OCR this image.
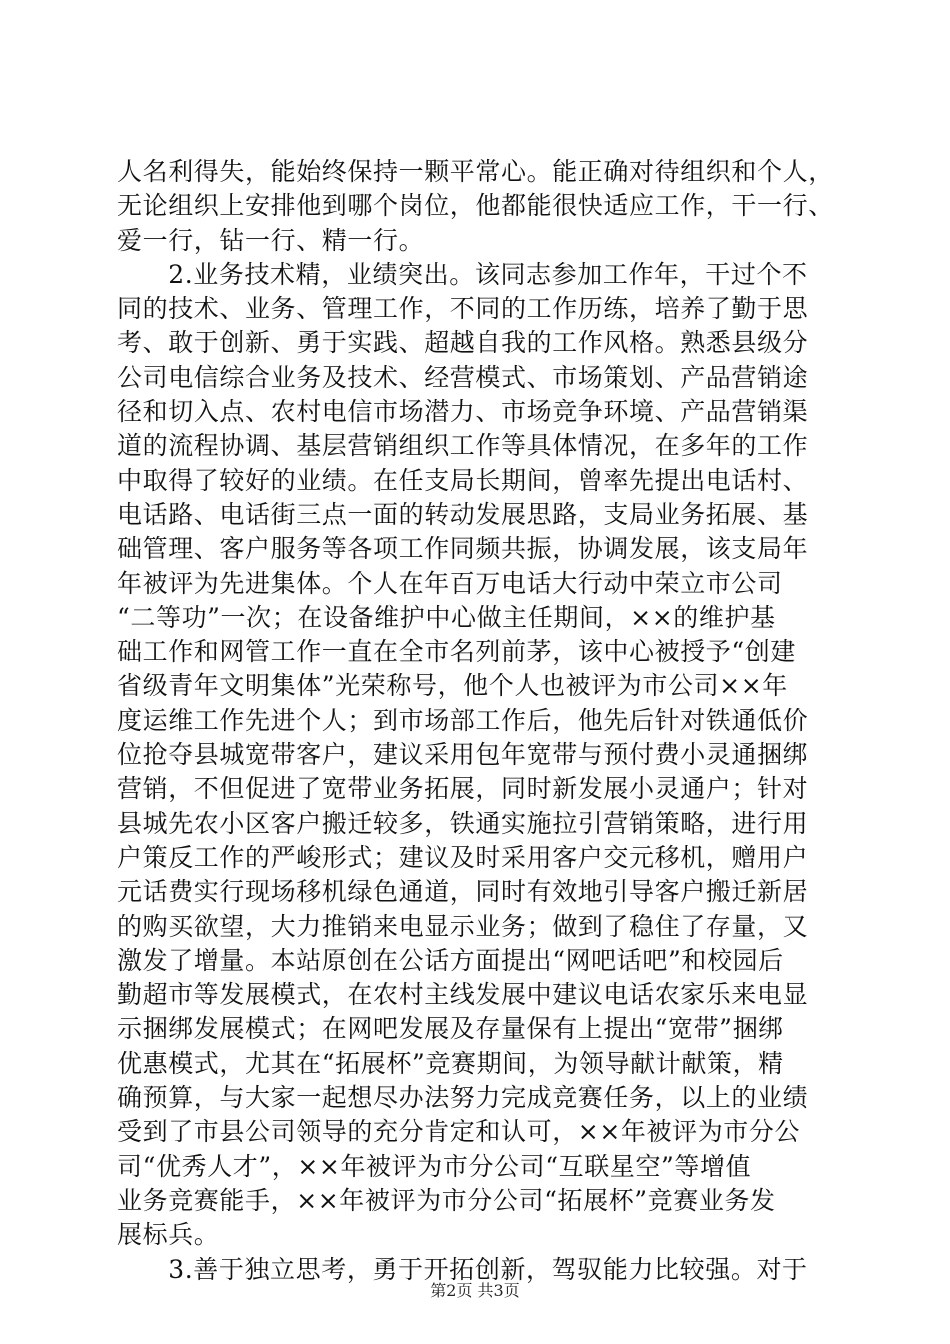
人名利得失，能始终保持一颗平常心。能正确对待组织和个人，
无论组织上安排他到哪个岗位，他都能很快适应工作，干一行、
爱一行，钻一行、精一行。
　　2.业务技术精，业绩突出。该同志参加工作年，干过个不
同的技术、业务、管理工作，不同的工作历练，培养了勤于思
考、敢于创新、勇于实践、超越自我的工作风格。熟悉县级分
公司电信综合业务及技术、经营模式、市场策划、产品营销途
径和切入点、农村电信市场潜力、市场竞争环境、产品营销渠
道的流程协调、基层营销组织工作等具体情况，在多年的工作
中取得了较好的业绩。在任支局长期间，曾率先提出电话村、
电话路、电话街三点一面的转动发展思路，支局业务拓展、基
础管理、客户服务等各项工作同频共振，协调发展，该支局年
年被评为先进集体。个人在年百万电话大行动中荣立市公司
“二等功”一次；在设备维护中心做主任期间，××的维护基
础工作和网管工作一直在全市名列前茅，该中心被授予“创建
省级青年文明集体”光荣称号，他个人也被评为市公司××年
度运维工作先进个人；到市场部工作后，他先后针对铁通低价
位抢夺县城宽带客户，建议采用包年宽带与预付费小灵通捆绑
营销，不但促进了宽带业务拓展，同时新发展小灵通户；针对
县城先农小区客户搬迁较多，铁通实施拉引营销策略，进行用
户策反工作的严峻形式；建议及时采用客户交元移机，赠用户
元话费实行现场移机绿色通道，同时有效地引导客户搬迁新居
的购买欲望，大力推销来电显示业务；做到了稳住了存量，又
激发了增量。本站原创在公话方面提出“网吧话吧”和校园后
勤超市等发展模式，在农村主线发展中建议电话农家乐来电显
示捆绑发展模式；在网吧发展及存量保有上提出“宽带”捆绑
优惠模式，尤其在“拓展杯”竞赛期间，为领导献计献策，精
确预算，与大家一起想尽办法努力完成竞赛任务，以上的业绩
受到了市县公司领导的充分肯定和认可，××年被评为市分公
司“优秀人才”，××年被评为市分公司“互联星空”等增值
业务竞赛能手，××年被评为市分公司“拓展杯”竞赛业务发
展标兵。
　　3.善于独立思考，勇于开拓创新，驾驭能力比较强。对于
第2页 共3页
